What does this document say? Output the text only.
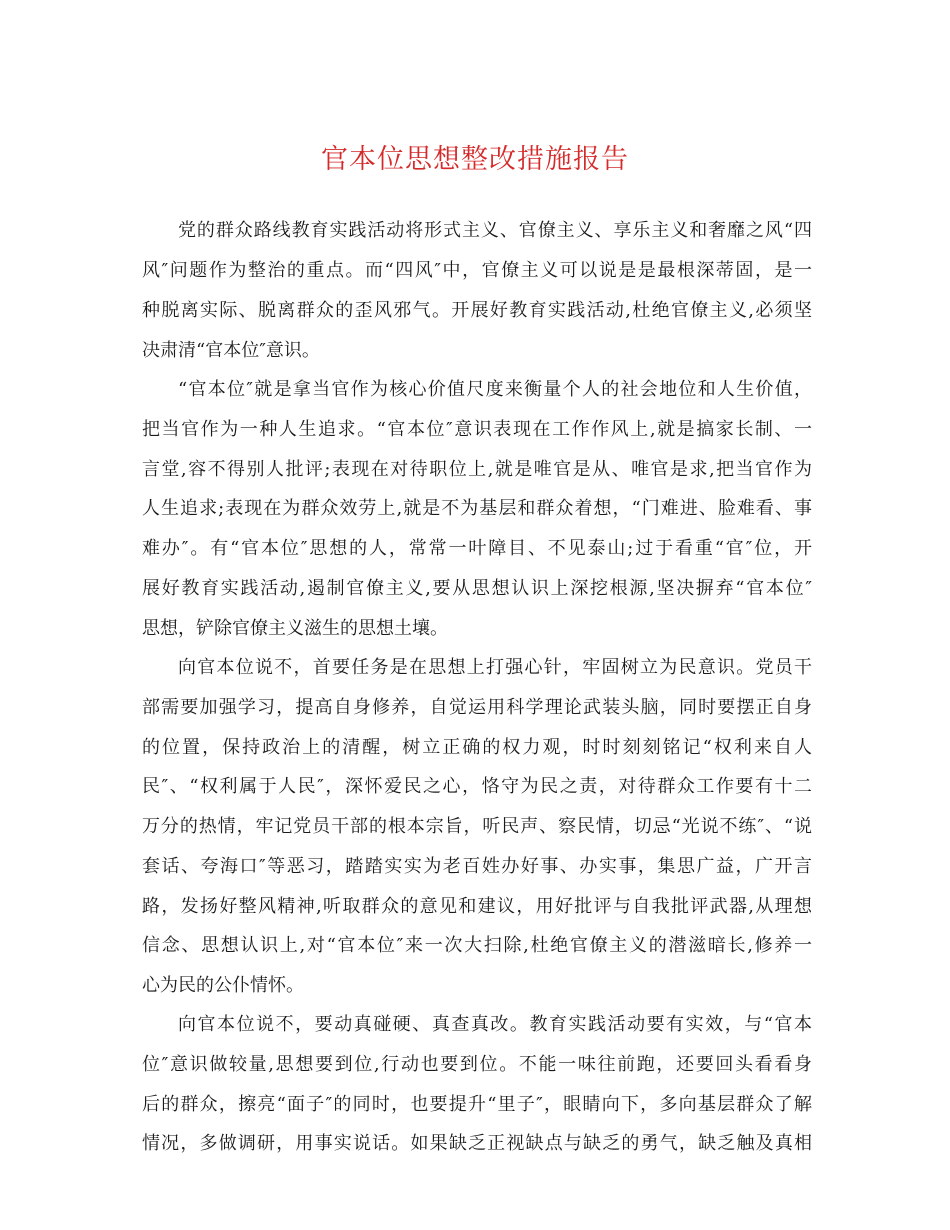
官本位思想整改措施报告
党的群众路线教育实践活动将形式主义、官僚主义、享乐主义和奢靡之风“四
风″问题作为整治的重点。而“四风″中，官僚主义可以说是是最根深蒂固，是一
种脱离实际、脱离群众的歪风邪气。开展好教育实践活动,杜绝官僚主义,必须坚
决肃清“官本位″意识。
“官本位″就是拿当官作为核心价值尺度来衡量个人的社会地位和人生价值，
把当官作为一种人生追求。“官本位″意识表现在工作作风上,就是搞家长制、一
言堂,容不得别人批评;表现在对待职位上,就是唯官是从、唯官是求,把当官作为
人生追求;表现在为群众效劳上,就是不为基层和群众着想，“门难进、脸难看、事
难办″。有“官本位″思想的人，常常一叶障目、不见泰山;过于看重“官″位，开
展好教育实践活动,遏制官僚主义,要从思想认识上深挖根源,坚决摒弃“官本位″
思想，铲除官僚主义滋生的思想土壤。
向官本位说不，首要任务是在思想上打强心针，牢固树立为民意识。党员干
部需要加强学习，提高自身修养，自觉运用科学理论武装头脑，同时要摆正自身
的位置，保持政治上的清醒，树立正确的权力观，时时刻刻铭记“权利来自人
民″、“权利属于人民″，深怀爱民之心，恪守为民之责，对待群众工作要有十二
万分的热情，牢记党员干部的根本宗旨，听民声、察民情，切忌“光说不练″、“说
套话、夸海口″等恶习，踏踏实实为老百姓办好事、办实事，集思广益，广开言
路，发扬好整风精神,听取群众的意见和建议，用好批评与自我批评武器,从理想
信念、思想认识上,对“官本位″来一次大扫除,杜绝官僚主义的潜滋暗长,修养一
心为民的公仆情怀。
向官本位说不，要动真碰硬、真查真改。教育实践活动要有实效，与“官本
位″意识做较量,思想要到位,行动也要到位。不能一味往前跑，还要回头看看身
后的群众，擦亮“面子″的同时，也要提升“里子″，眼睛向下，多向基层群众了解
情况，多做调研，用事实说话。如果缺乏正视缺点与缺乏的勇气，缺乏触及真相
